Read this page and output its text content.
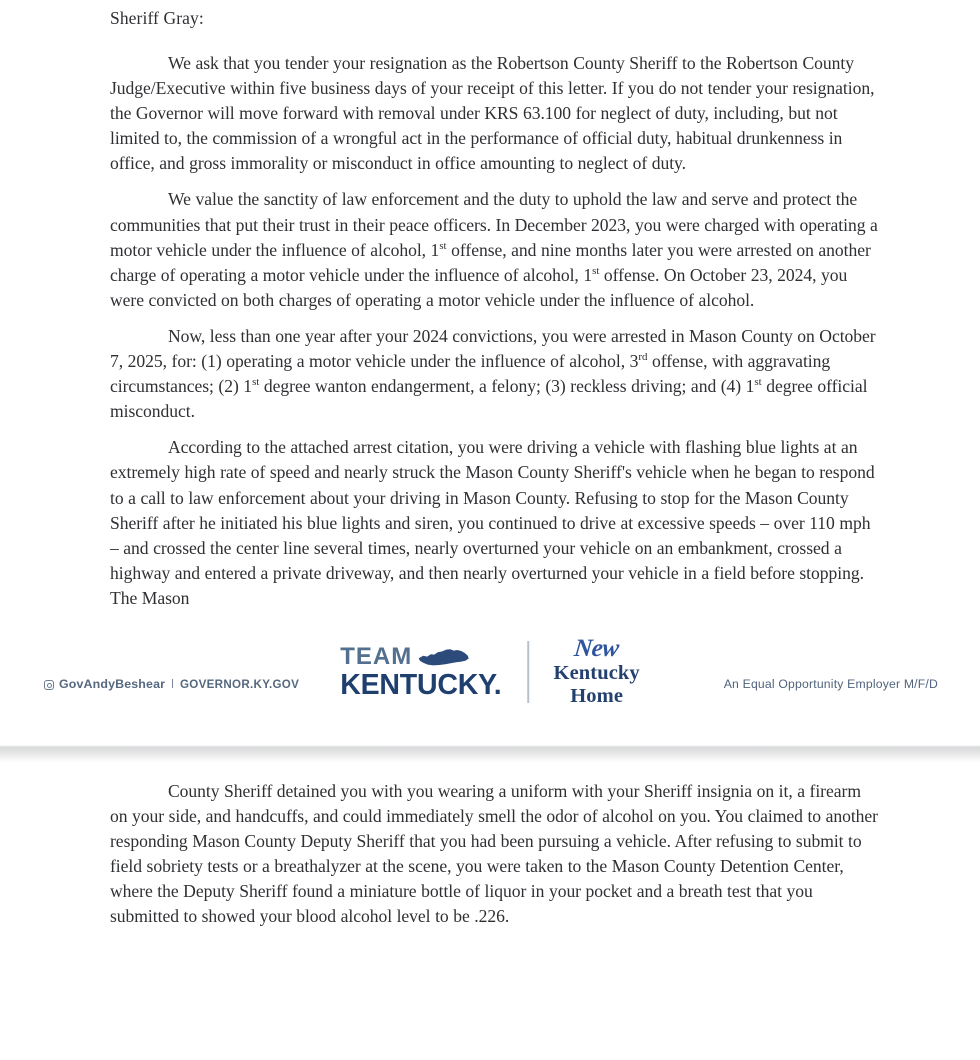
Sheriff Gray:

We ask that you tender your resignation as the Robertson County Sheriff to the Robertson County Judge/Executive within five business days of your receipt of this letter. If you do not tender your resignation, the Governor will move forward with removal under KRS 63.100 for neglect of duty, including, but not limited to, the commission of a wrongful act in the performance of official duty, habitual drunkenness in office, and gross immorality or misconduct in office amounting to neglect of duty.

We value the sanctity of law enforcement and the duty to uphold the law and serve and protect the communities that put their trust in their peace officers. In December 2023, you were charged with operating a motor vehicle under the influence of alcohol, 1st offense, and nine months later you were arrested on another charge of operating a motor vehicle under the influence of alcohol, 1st offense. On October 23, 2024, you were convicted on both charges of operating a motor vehicle under the influence of alcohol.

Now, less than one year after your 2024 convictions, you were arrested in Mason County on October 7, 2025, for: (1) operating a motor vehicle under the influence of alcohol, 3rd offense, with aggravating circumstances; (2) 1st degree wanton endangerment, a felony; (3) reckless driving; and (4) 1st degree official misconduct.

According to the attached arrest citation, you were driving a vehicle with flashing blue lights at an extremely high rate of speed and nearly struck the Mason County Sheriff's vehicle when he began to respond to a call to law enforcement about your driving in Mason County. Refusing to stop for the Mason County Sheriff after he initiated his blue lights and siren, you continued to drive at excessive speeds – over 110 mph – and crossed the center line several times, nearly overturned your vehicle on an embankment, crossed a highway and entered a private driveway, and then nearly overturned your vehicle in a field before stopping. The Mason

GovAndyBeshear l GOVERNOR.KY.GOV
TEAM
KENTUCKY.
New
Kentucky
Home
An Equal Opportunity Employer M/F/D

County Sheriff detained you with you wearing a uniform with your Sheriff insignia on it, a firearm on your side, and handcuffs, and could immediately smell the odor of alcohol on you. You claimed to another responding Mason County Deputy Sheriff that you had been pursuing a vehicle. After refusing to submit to field sobriety tests or a breathalyzer at the scene, you were taken to the Mason County Detention Center, where the Deputy Sheriff found a miniature bottle of liquor in your pocket and a breath test that you submitted to showed your blood alcohol level to be .226.
